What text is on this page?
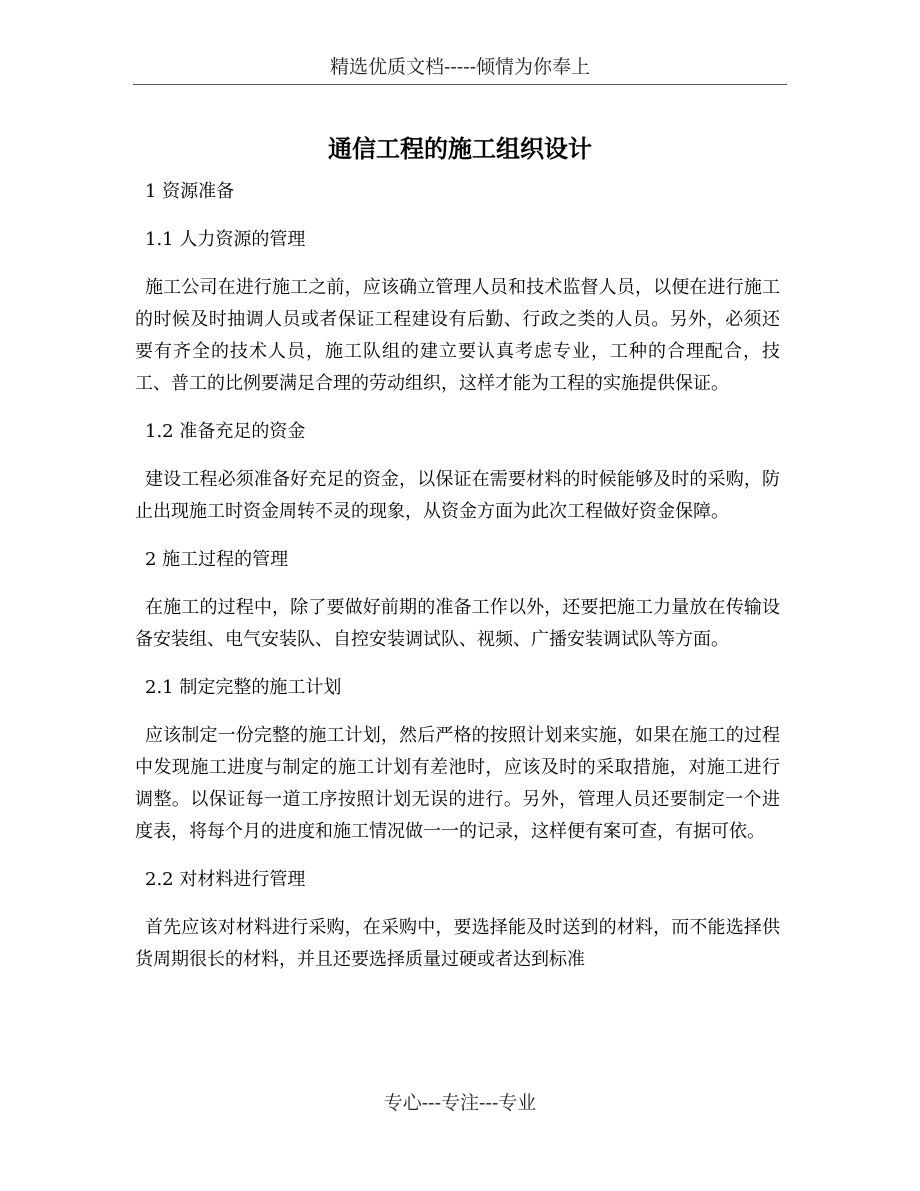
精选优质文档-----倾情为你奉上
通信工程的施工组织设计
1 资源准备
1.1 人力资源的管理

施工公司在进行施工之前，应该确立管理人员和技术监督人员，以便在进行施工的时候及时抽调人员或者保证工程建设有后勤、行政之类的人员。另外，必须还要有齐全的技术人员，施工队组的建立要认真考虑专业，工种的合理配合，技工、普工的比例要满足合理的劳动组织，这样才能为工程的实施提供保证。

1.2 准备充足的资金

建设工程必须准备好充足的资金，以保证在需要材料的时候能够及时的采购，防止出现施工时资金周转不灵的现象，从资金方面为此次工程做好资金保障。

2 施工过程的管理

在施工的过程中，除了要做好前期的准备工作以外，还要把施工力量放在传输设备安装组、电气安装队、自控安装调试队、视频、广播安装调试队等方面。

2.1 制定完整的施工计划

应该制定一份完整的施工计划，然后严格的按照计划来实施，如果在施工的过程中发现施工进度与制定的施工计划有差池时，应该及时的采取措施，对施工进行调整。以保证每一道工序按照计划无误的进行。另外，管理人员还要制定一个进度表，将每个月的进度和施工情况做一一的记录，这样便有案可查，有据可依。

2.2 对材料进行管理

首先应该对材料进行采购，在采购中，要选择能及时送到的材料，而不能选择供货周期很长的材料，并且还要选择质量过硬或者达到标准

专心---专注---专业
